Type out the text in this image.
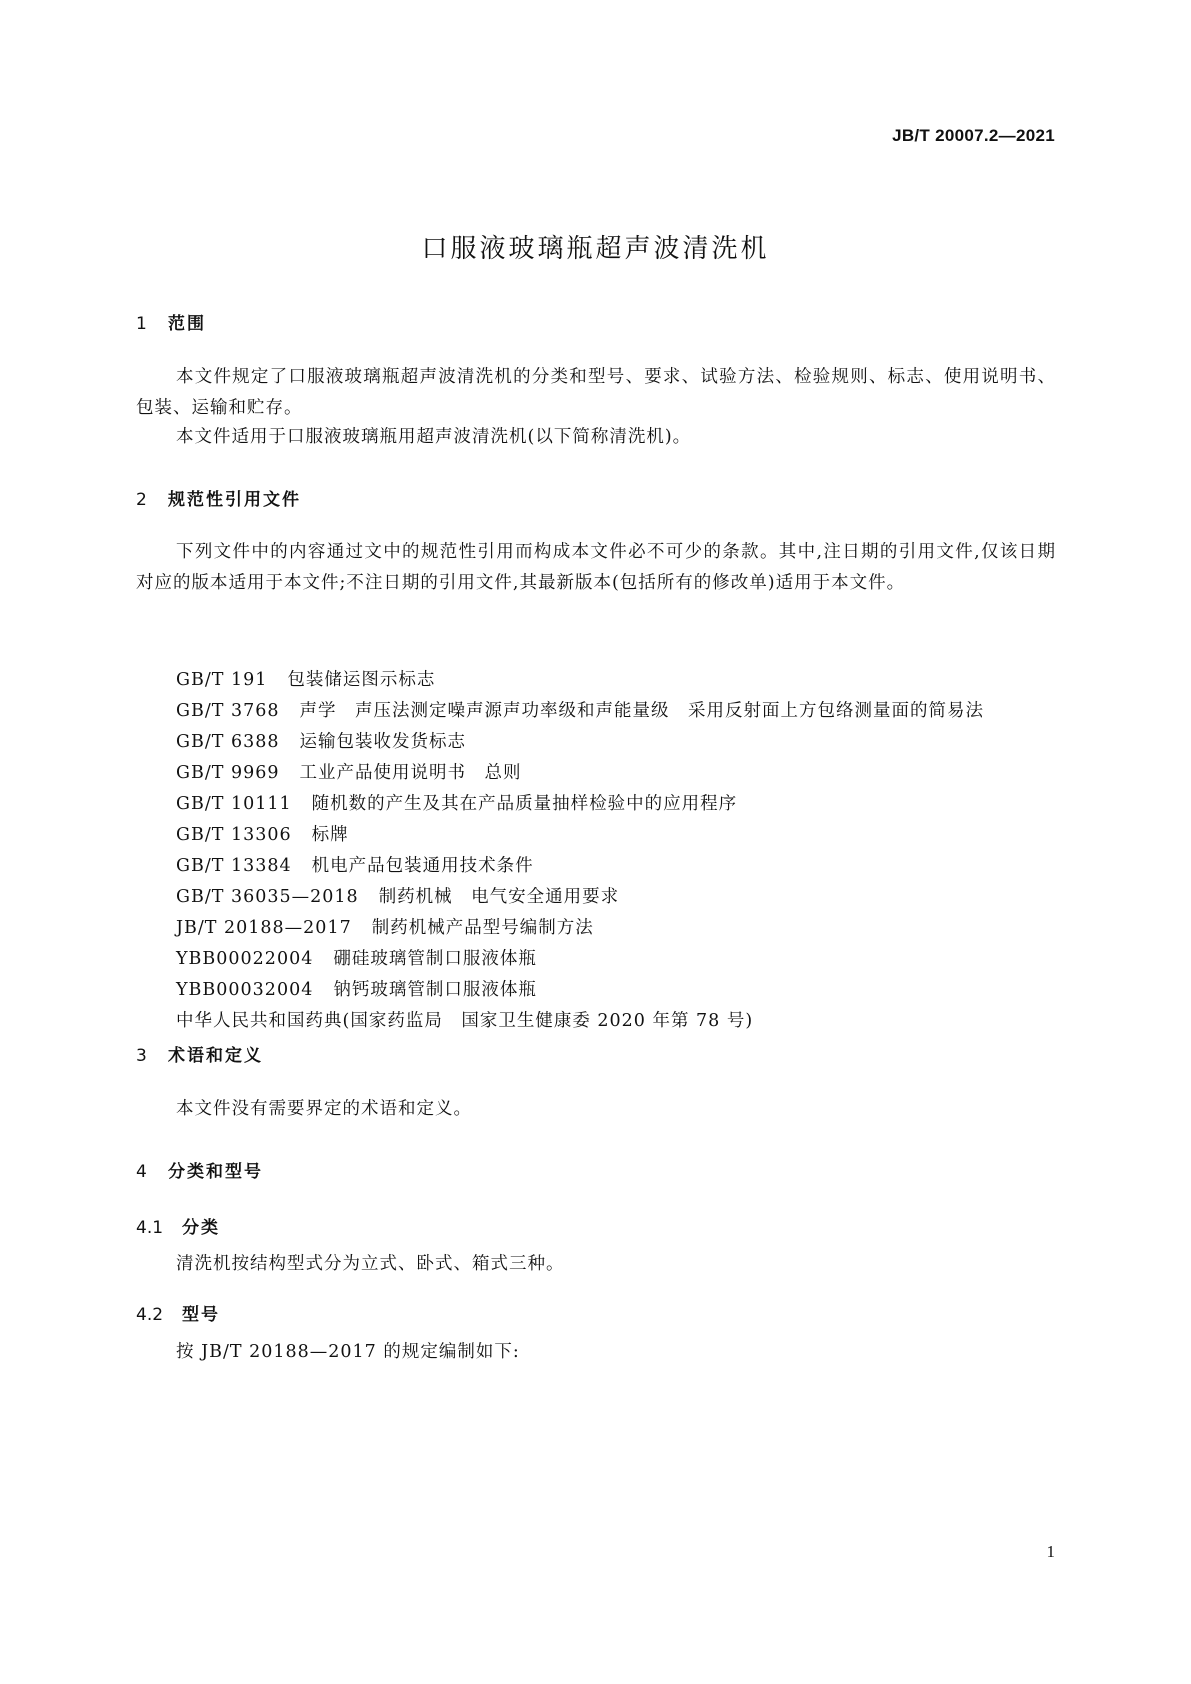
JB/T 20007.2—2021
口服液玻璃瓶超声波清洗机
1 范围
本文件规定了口服液玻璃瓶超声波清洗机的分类和型号、要求、试验方法、检验规则、标志、使用说明书、包装、运输和贮存。
本文件适用于口服液玻璃瓶用超声波清洗机(以下简称清洗机)。
2 规范性引用文件
下列文件中的内容通过文中的规范性引用而构成本文件必不可少的条款。其中,注日期的引用文件,仅该日期对应的版本适用于本文件;不注日期的引用文件,其最新版本(包括所有的修改单)适用于本文件。
GB/T 191 包装储运图示标志
GB/T 3768 声学　声压法测定噪声源声功率级和声能量级　采用反射面上方包络测量面的简易法
GB/T 6388 运输包装收发货标志
GB/T 9969 工业产品使用说明书　总则
GB/T 10111 随机数的产生及其在产品质量抽样检验中的应用程序
GB/T 13306 标牌
GB/T 13384 机电产品包装通用技术条件
GB/T 36035—2018 制药机械　电气安全通用要求
JB/T 20188—2017 制药机械产品型号编制方法
YBB00022004 硼硅玻璃管制口服液体瓶
YBB00032004 钠钙玻璃管制口服液体瓶
中华人民共和国药典(国家药监局　国家卫生健康委 2020 年第 78 号)
3 术语和定义
本文件没有需要界定的术语和定义。
4 分类和型号
4.1 分类
清洗机按结构型式分为立式、卧式、箱式三种。
4.2 型号
按 JB/T 20188—2017 的规定编制如下:
1
